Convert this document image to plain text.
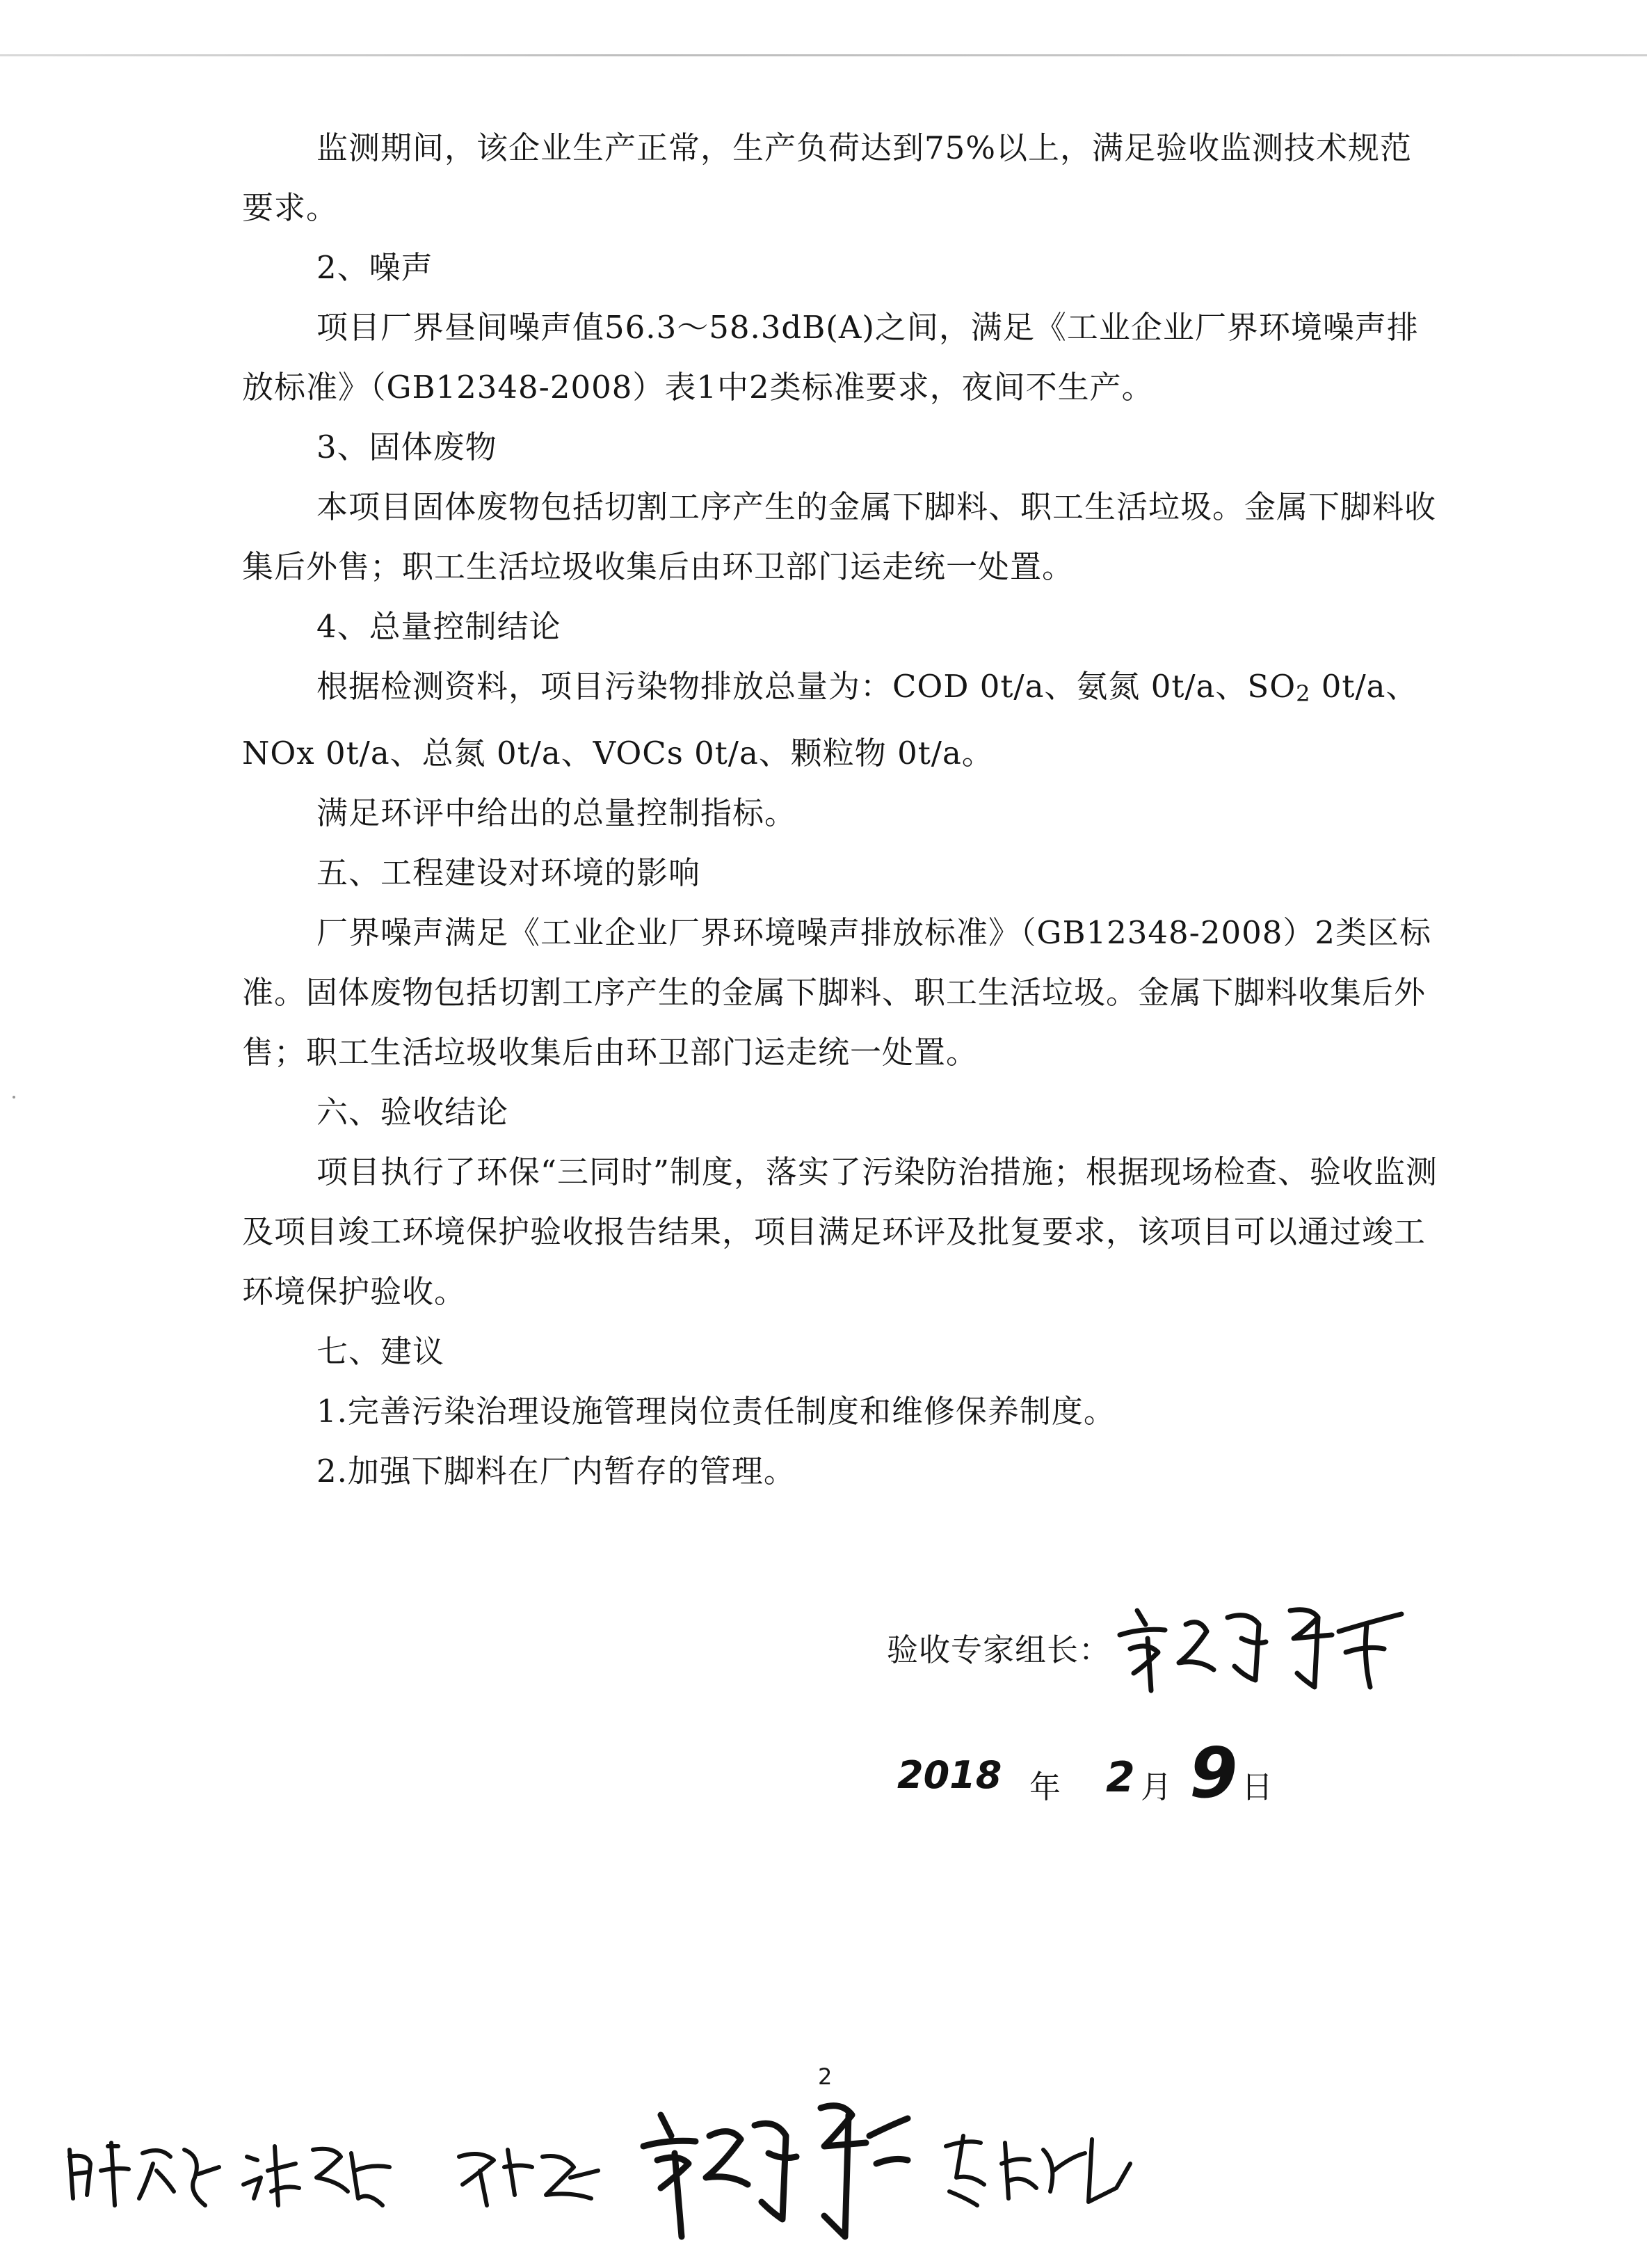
监测期间，该企业生产正常，生产负荷达到75%以上，满足验收监测技术规范要求。

2、噪声

项目厂界昼间噪声值56.3～58.3dB(A)之间，满足《工业企业厂界环境噪声排放标准》（GB12348-2008）表1中2类标准要求，夜间不生产。

3、固体废物

本项目固体废物包括切割工序产生的金属下脚料、职工生活垃圾。金属下脚料收集后外售；职工生活垃圾收集后由环卫部门运走统一处置。

4、总量控制结论

根据检测资料，项目污染物排放总量为：COD 0t/a、氨氮 0t/a、SO2 0t/a、NOx 0t/a、总氮 0t/a、VOCs 0t/a、颗粒物 0t/a。

满足环评中给出的总量控制指标。

五、工程建设对环境的影响

厂界噪声满足《工业企业厂界环境噪声排放标准》（GB12348-2008）2类区标准。固体废物包括切割工序产生的金属下脚料、职工生活垃圾。金属下脚料收集后外售；职工生活垃圾收集后由环卫部门运走统一处置。

六、验收结论

项目执行了环保“三同时”制度，落实了污染防治措施；根据现场检查、验收监测及项目竣工环境保护验收报告结果，项目满足环评及批复要求，该项目可以通过竣工环境保护验收。

七、建议

1.完善污染治理设施管理岗位责任制度和维修保养制度。

2.加强下脚料在厂内暂存的管理。

验收专家组长：
2018 年 2 月 9 日
2
